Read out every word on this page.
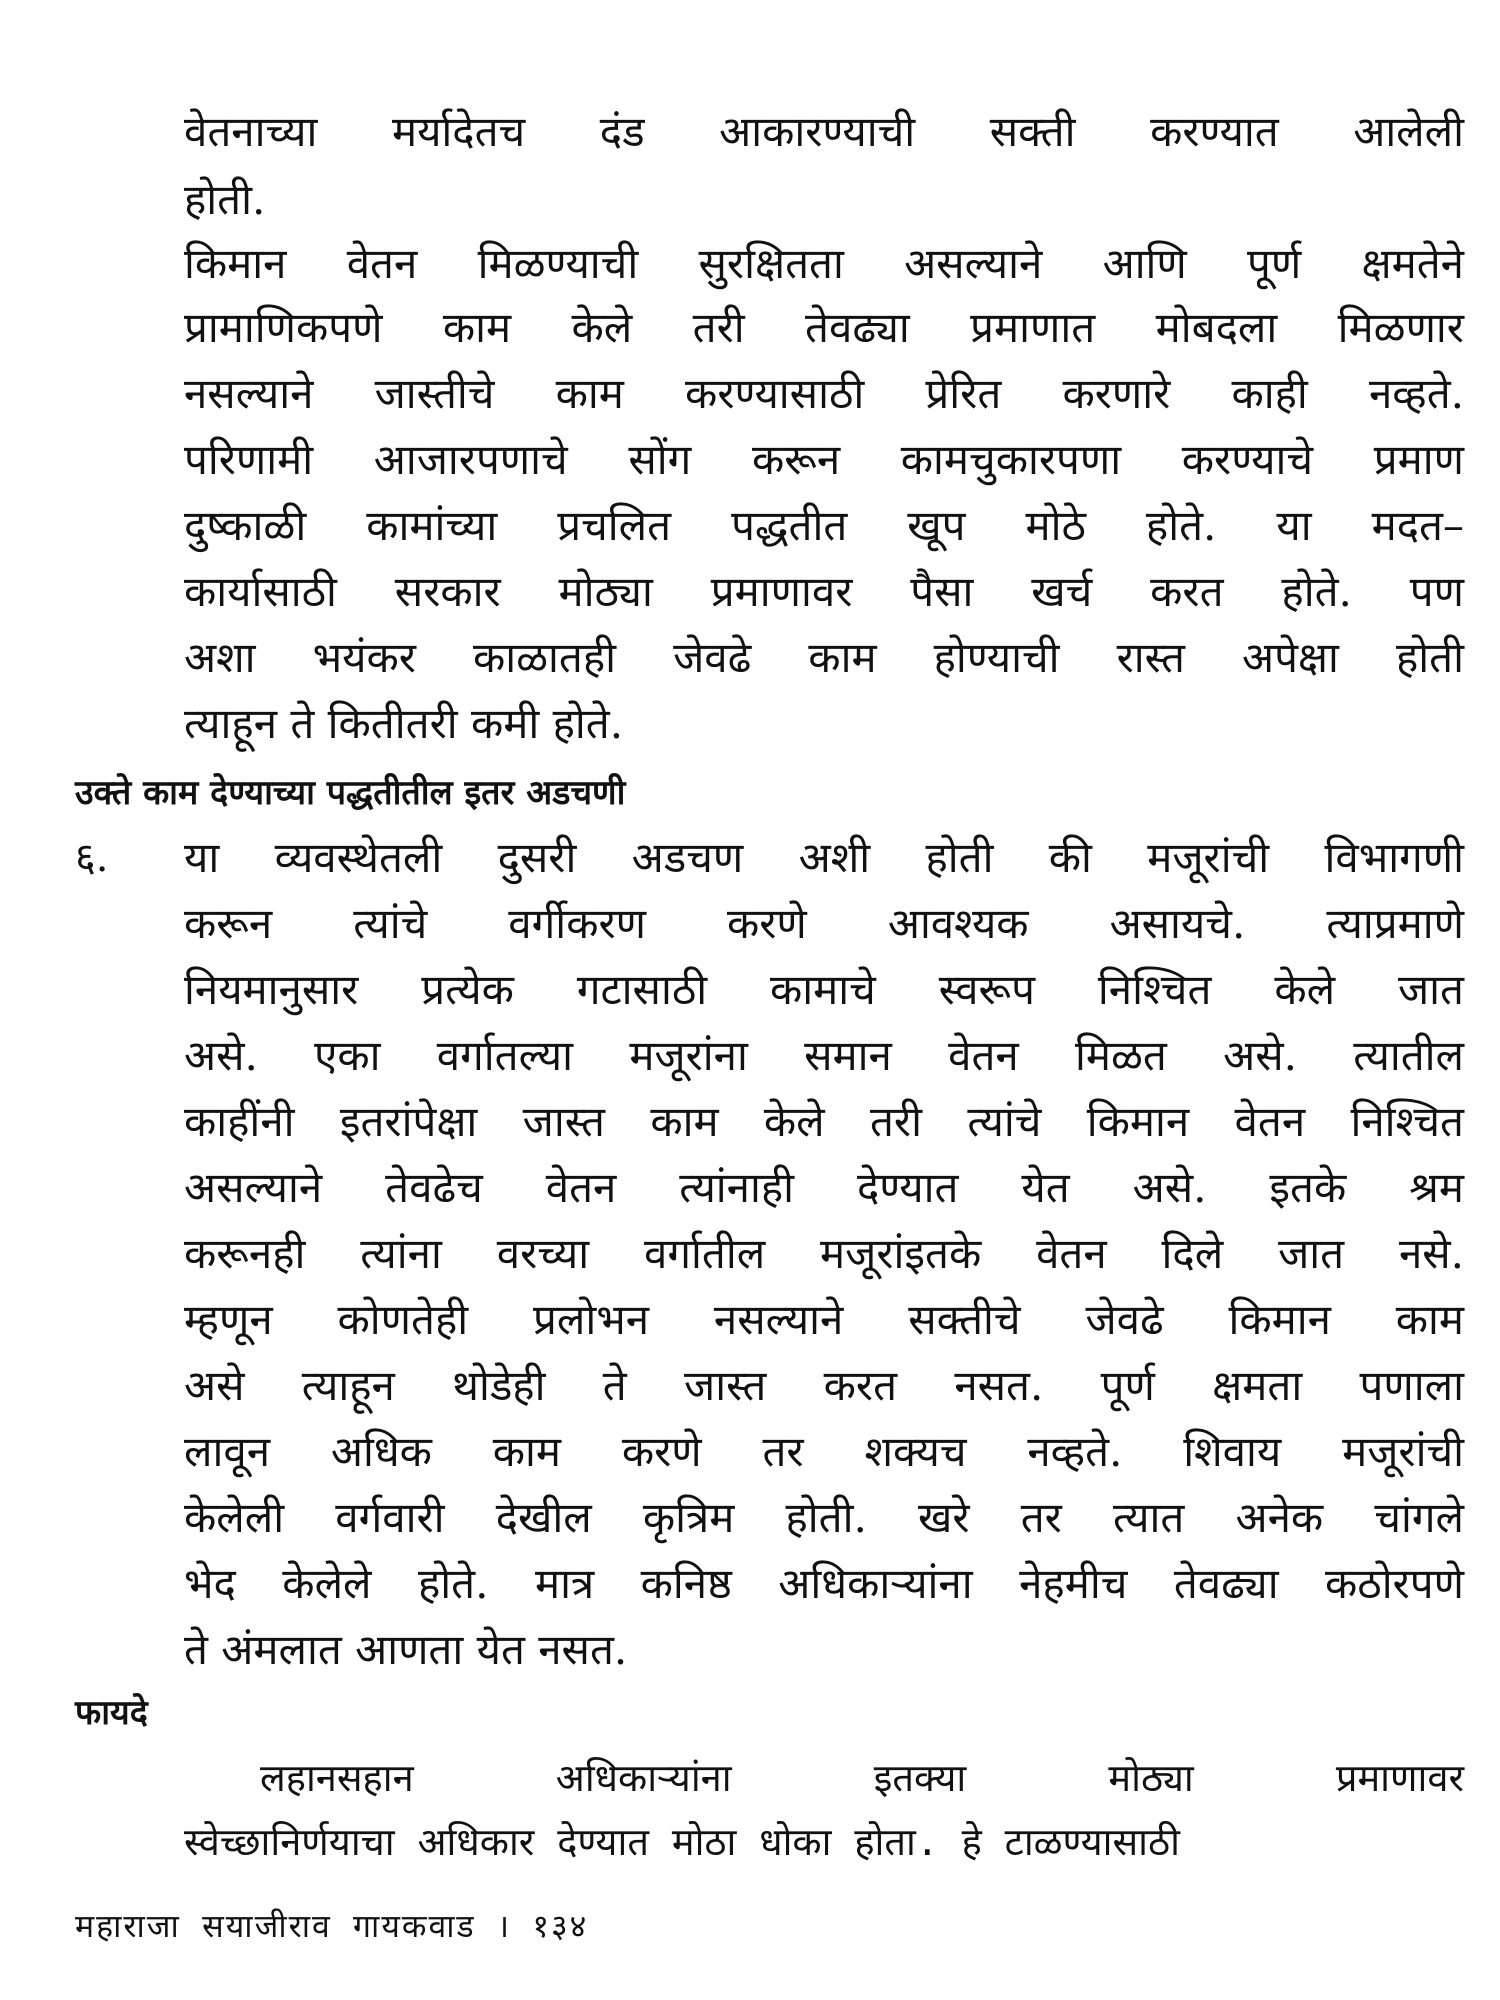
वेतनाच्या मर्यादेतच दंड आकारण्याची सक्ती करण्यात आलेली
होती.
किमान वेतन मिळण्याची सुरक्षितता असल्याने आणि पूर्ण क्षमतेने
प्रामाणिकपणे काम केले तरी तेवढ्या प्रमाणात मोबदला मिळणार
नसल्याने जास्तीचे काम करण्यासाठी प्रेरित करणारे काही नव्हते.
परिणामी आजारपणाचे सोंग करून कामचुकारपणा करण्याचे प्रमाण
दुष्काळी कामांच्या प्रचलित पद्धतीत खूप मोठे होते. या मदत–
कार्यासाठी सरकार मोठ्या प्रमाणावर पैसा खर्च करत होते. पण
अशा भयंकर काळातही जेवढे काम होण्याची रास्त अपेक्षा होती
त्याहून ते कितीतरी कमी होते.
उक्ते काम देण्याच्या पद्धतीतील इतर अडचणी
६. या व्यवस्थेतली दुसरी अडचण अशी होती की मजूरांची विभागणी
करून त्यांचे वर्गीकरण करणे आवश्यक असायचे. त्याप्रमाणे
नियमानुसार प्रत्येक गटासाठी कामाचे स्वरूप निश्चित केले जात
असे. एका वर्गातल्या मजूरांना समान वेतन मिळत असे. त्यातील
काहींनी इतरांपेक्षा जास्त काम केले तरी त्यांचे किमान वेतन निश्चित
असल्याने तेवढेच वेतन त्यांनाही देण्यात येत असे. इतके श्रम
करूनही त्यांना वरच्या वर्गातील मजूरांइतके वेतन दिले जात नसे.
म्हणून कोणतेही प्रलोभन नसल्याने सक्तीचे जेवढे किमान काम
असे त्याहून थोडेही ते जास्त करत नसत. पूर्ण क्षमता पणाला
लावून अधिक काम करणे तर शक्यच नव्हते. शिवाय मजूरांची
केलेली वर्गवारी देखील कृत्रिम होती. खरे तर त्यात अनेक चांगले
भेद केलेले होते. मात्र कनिष्ठ अधिकाऱ्यांना नेहमीच तेवढ्या कठोरपणे
ते अंमलात आणता येत नसत.
फायदे
लहानसहान अधिकाऱ्यांना इतक्या मोठ्या प्रमाणावर
स्वेच्छानिर्णयाचा अधिकार देण्यात मोठा धोका होता. हे टाळण्यासाठी
महाराजा सयाजीराव गायकवाड । १३४
